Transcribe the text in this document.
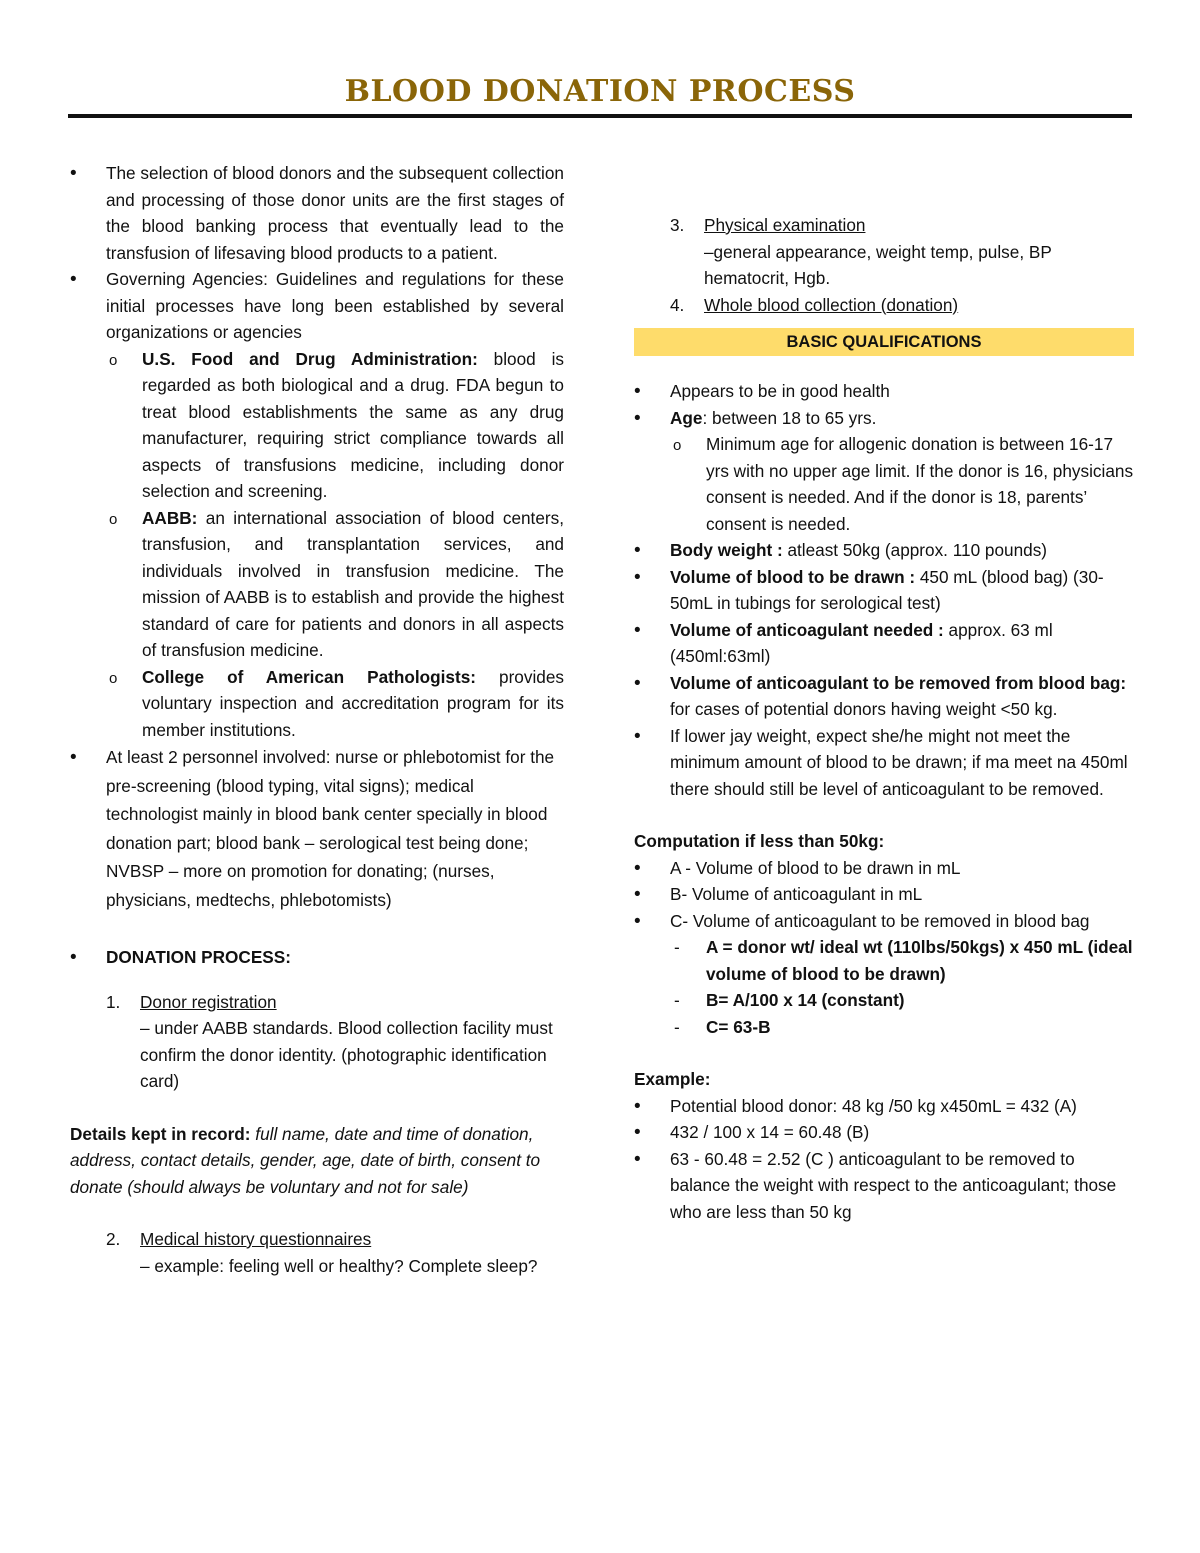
BLOOD DONATION PROCESS
•
The selection of blood donors and the subsequent collection and processing of those donor units are the first stages of the blood banking process that eventually lead to the transfusion of lifesaving blood products to a patient.
•
Governing Agencies: Guidelines and regulations for these initial processes have long been established by several organizations or agencies
o
U.S. Food and Drug Administration: blood is regarded as both biological and a drug. FDA begun to treat blood establishments the same as any drug manufacturer, requiring strict compliance towards all aspects of transfusions medicine, including donor selection and screening.
o
AABB: an international association of blood centers, transfusion, and transplantation services, and individuals involved in transfusion medicine. The mission of AABB is to establish and provide the highest standard of care for patients and donors in all aspects of transfusion medicine.
o
College of American Pathologists: provides voluntary inspection and accreditation program for its member institutions.
•
At least 2 personnel involved: nurse or phlebotomist for the pre-screening (blood typing, vital signs); medical technologist mainly in blood bank center specially in blood donation part; blood bank – serological test being done; NVBSP – more on promotion for donating; (nurses, physicians, medtechs, phlebotomists)
•
DONATION PROCESS:
1. Donor registration
– under AABB standards. Blood collection facility must confirm the donor identity. (photographic identification card)
Details kept in record: full name, date and time of donation, address, contact details, gender, age, date of birth, consent to donate (should always be voluntary and not for sale)
2. Medical history questionnaires
– example: feeling well or healthy? Complete sleep?
3. Physical examination
–general appearance, weight temp, pulse, BP hematocrit, Hgb.
4. Whole blood collection (donation)
BASIC QUALIFICATIONS
•
Appears to be in good health
•
Age: between 18 to 65 yrs.
o
Minimum age for allogenic donation is between 16-17 yrs with no upper age limit. If the donor is 16, physicians consent is needed. And if the donor is 18, parents’ consent is needed.
•
Body weight : atleast 50kg (approx. 110 pounds)
•
Volume of blood to be drawn : 450 mL (blood bag) (30-50mL in tubings for serological test)
•
Volume of anticoagulant needed : approx. 63 ml (450ml:63ml)
•
Volume of anticoagulant to be removed from blood bag: for cases of potential donors having weight <50 kg.
•
If lower jay weight, expect she/he might not meet the minimum amount of blood to be drawn; if ma meet na 450ml there should still be level of anticoagulant to be removed.
Computation if less than 50kg:
•
A - Volume of blood to be drawn in mL
•
B- Volume of anticoagulant in mL
•
C- Volume of anticoagulant to be removed in blood bag
- A = donor wt/ ideal wt (110lbs/50kgs) x 450 mL (ideal volume of blood to be drawn)
- B= A/100 x 14 (constant)
- C= 63-B
Example:
•
Potential blood donor: 48 kg /50 kg x450mL = 432 (A)
•
432 / 100 x 14 = 60.48 (B)
•
63 - 60.48 = 2.52 (C ) anticoagulant to be removed to balance the weight with respect to the anticoagulant; those who are less than 50 kg
